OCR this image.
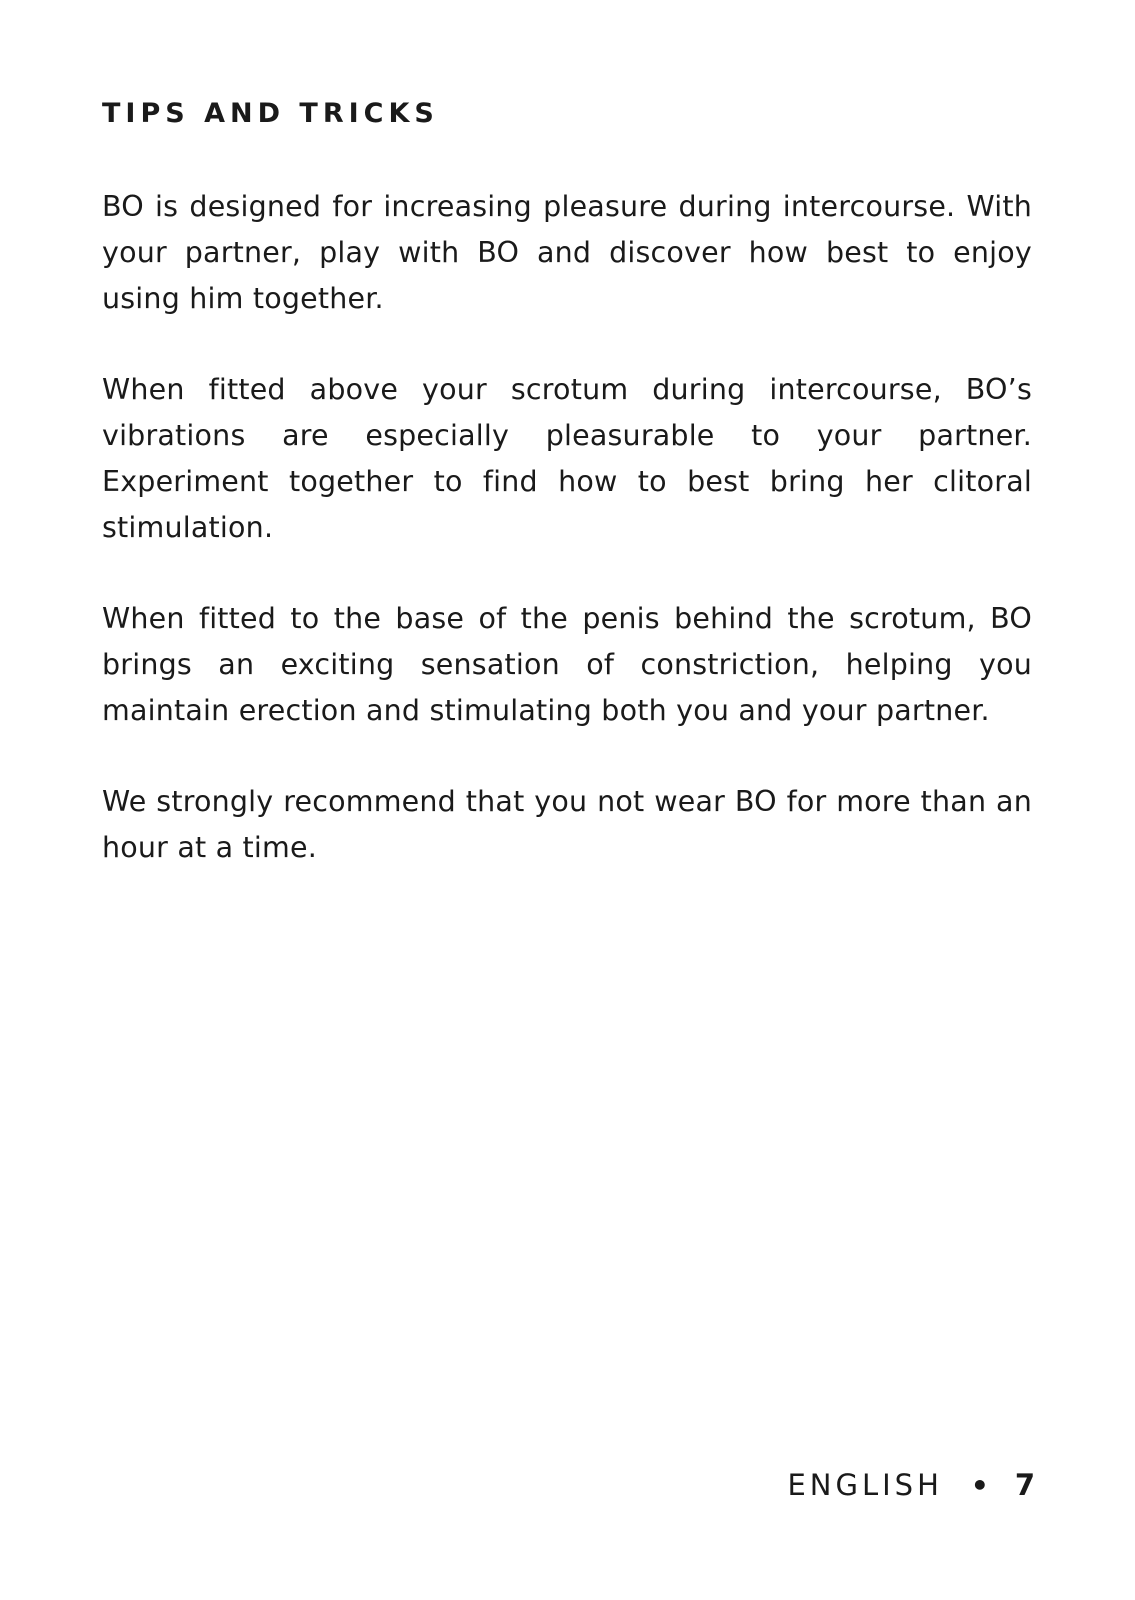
TIPS AND TRICKS

BO is designed for increasing pleasure during intercourse. With your partner, play with BO and discover how best to enjoy using him together.

When fitted above your scrotum during intercourse, BO’s vibrations are especially pleasurable to your partner. Experiment together to find how to best bring her clitoral stimulation.

When fitted to the base of the penis behind the scrotum, BO brings an exciting sensation of constriction, helping you maintain erection and stimulating both you and your partner.

We strongly recommend that you not wear BO for more than an hour at a time.

ENGLISH • 7
